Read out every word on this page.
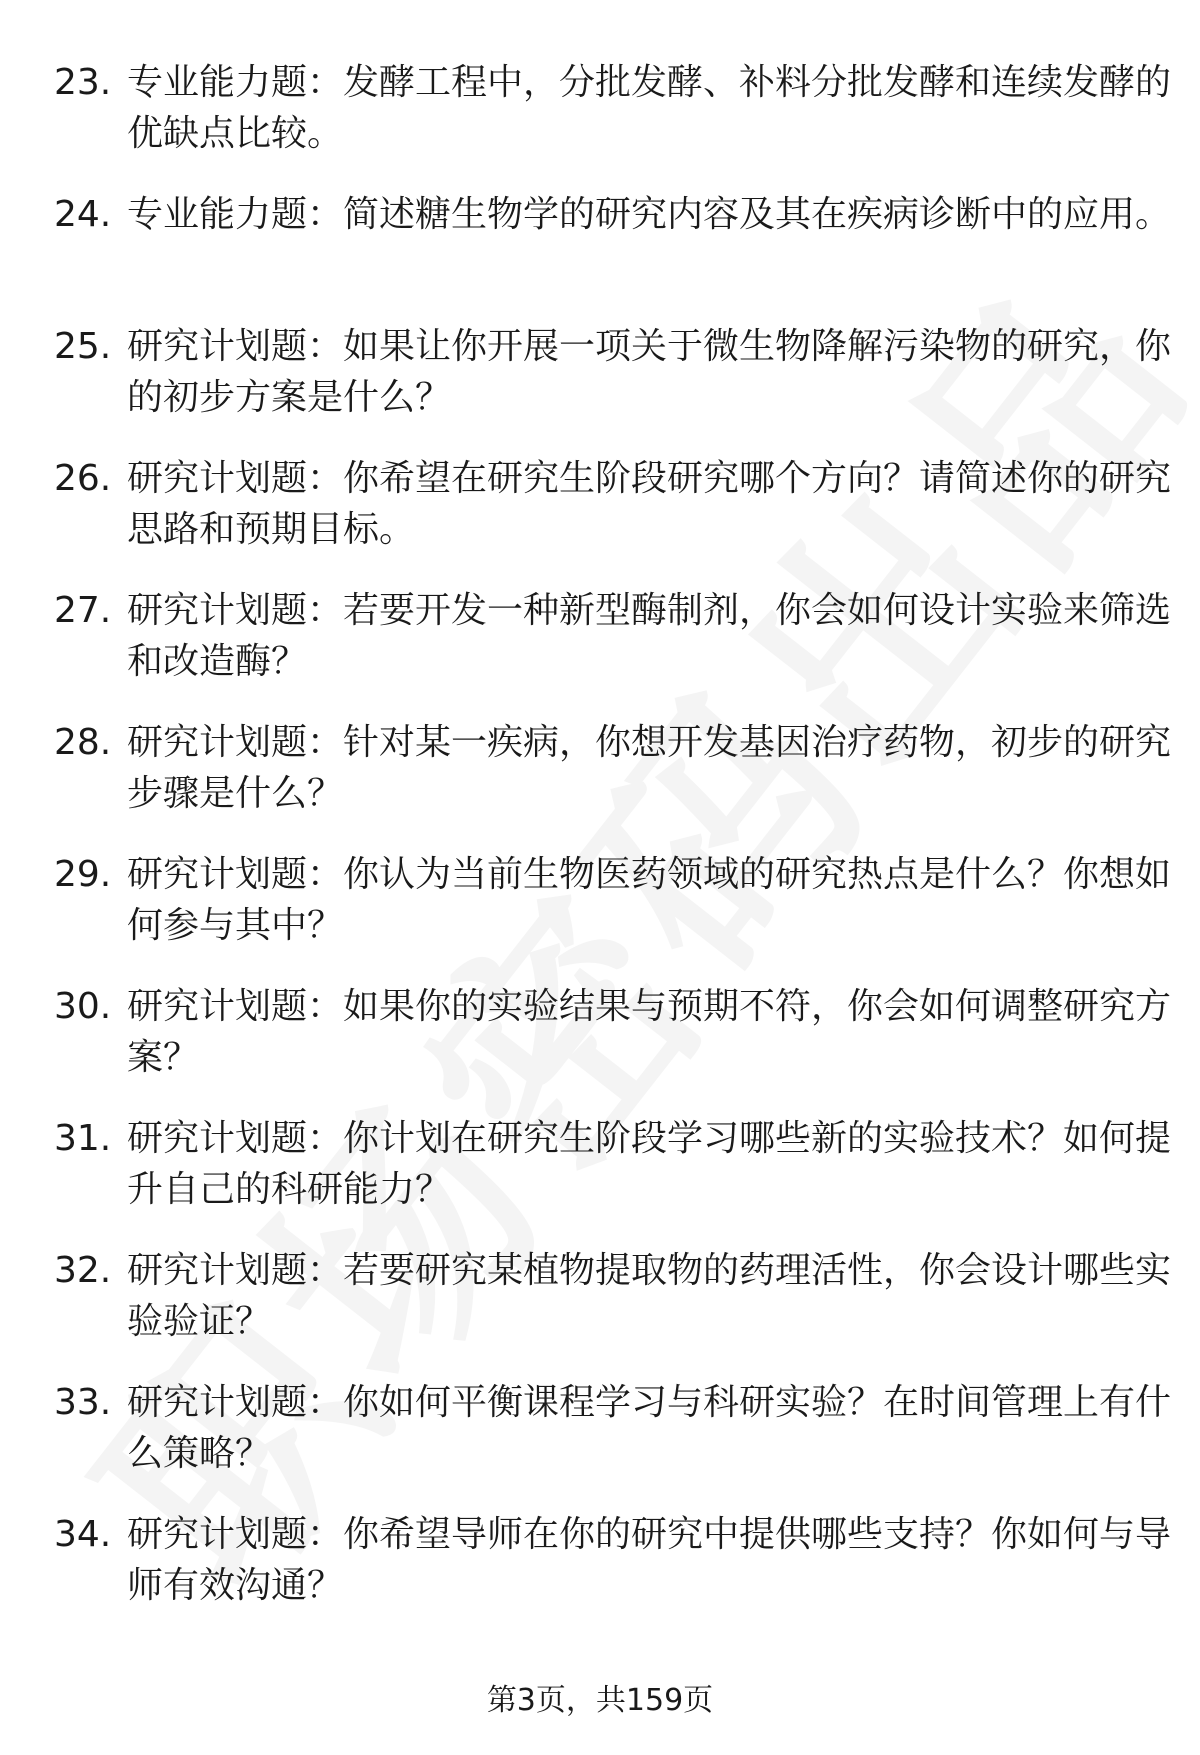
23. 专业能力题：发酵工程中，分批发酵、补料分批发酵和连续发酵的优缺点比较。
24. 专业能力题：简述糖生物学的研究内容及其在疾病诊断中的应用。
25. 研究计划题：如果让你开展一项关于微生物降解污染物的研究，你的初步方案是什么？
26. 研究计划题：你希望在研究生阶段研究哪个方向？请简述你的研究思路和预期目标。
27. 研究计划题：若要开发一种新型酶制剂，你会如何设计实验来筛选和改造酶？
28. 研究计划题：针对某一疾病，你想开发基因治疗药物，初步的研究步骤是什么？
29. 研究计划题：你认为当前生物医药领域的研究热点是什么？你想如何参与其中？
30. 研究计划题：如果你的实验结果与预期不符，你会如何调整研究方案？
31. 研究计划题：你计划在研究生阶段学习哪些新的实验技术？如何提升自己的科研能力？
32. 研究计划题：若要研究某植物提取物的药理活性，你会设计哪些实验验证？
33. 研究计划题：你如何平衡课程学习与科研实验？在时间管理上有什么策略？
34. 研究计划题：你希望导师在你的研究中提供哪些支持？你如何与导师有效沟通？
第3页，共159页
